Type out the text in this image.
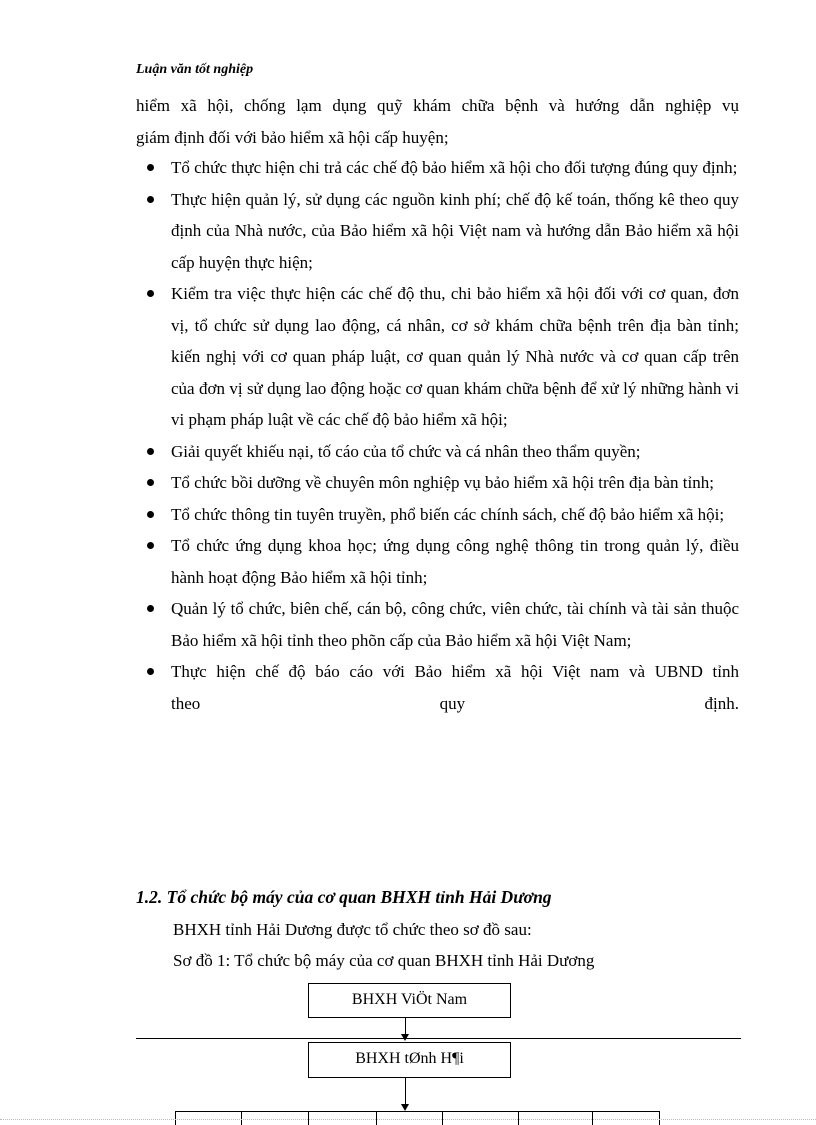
Luận văn tốt nghiệp
hiểm xã hội, chống lạm dụng quỹ khám chữa bệnh và hướng dẫn nghiệp vụ
giám định đối với bảo hiểm xã hội cấp huyện;
Tổ chức thực hiện chi trả các chế độ bảo hiểm xã hội cho đối tượng đúng quy định;
Thực hiện quản lý, sử dụng các nguồn kinh phí; chế độ kế toán, thống kê theo quy định của Nhà nước, của Bảo hiểm xã hội Việt nam và hướng dẫn Bảo hiểm xã hội cấp huyện thực hiện;
Kiểm tra việc thực hiện các chế độ thu, chi bảo hiểm xã hội đối với cơ quan, đơn vị, tổ chức sử dụng lao động, cá nhân, cơ sở khám chữa bệnh trên địa bàn tỉnh; kiến nghị với cơ quan pháp luật, cơ quan quản lý Nhà nước và cơ quan cấp trên của đơn vị sử dụng lao động hoặc cơ quan khám chữa bệnh để xử lý những hành vi vi phạm pháp luật về các chế độ bảo hiểm xã hội;
Giải quyết khiếu nại, tố cáo của tổ chức và cá nhân theo thẩm quyền;
Tổ chức bồi dưỡng về chuyên môn nghiệp vụ bảo hiểm xã hội trên địa bàn tỉnh;
Tổ chức thông tin tuyên truyền, phổ biến các chính sách, chế độ bảo hiểm xã hội;
Tổ chức ứng dụng khoa học; ứng dụng công nghệ thông tin trong quản lý, điều hành hoạt động Bảo hiểm xã hội tỉnh;
Quản lý tổ chức, biên chế, cán bộ, công chức, viên chức, tài chính và tài sản thuộc Bảo hiểm xã hội tỉnh theo phõn cấp của Bảo hiểm xã hội Việt Nam;
Thực hiện chế độ báo cáo với Bảo hiểm xã hội Việt nam và UBND tỉnh
theo	quy	định.
1.2. Tổ chức bộ máy của cơ quan BHXH tỉnh Hải Dương
BHXH tỉnh Hải Dương được tổ chức theo sơ đồ sau:
Sơ đồ 1: Tổ chức bộ máy của cơ quan BHXH tỉnh Hải Dương
BHXH ViÖt Nam
BHXH tØnh H¶i
